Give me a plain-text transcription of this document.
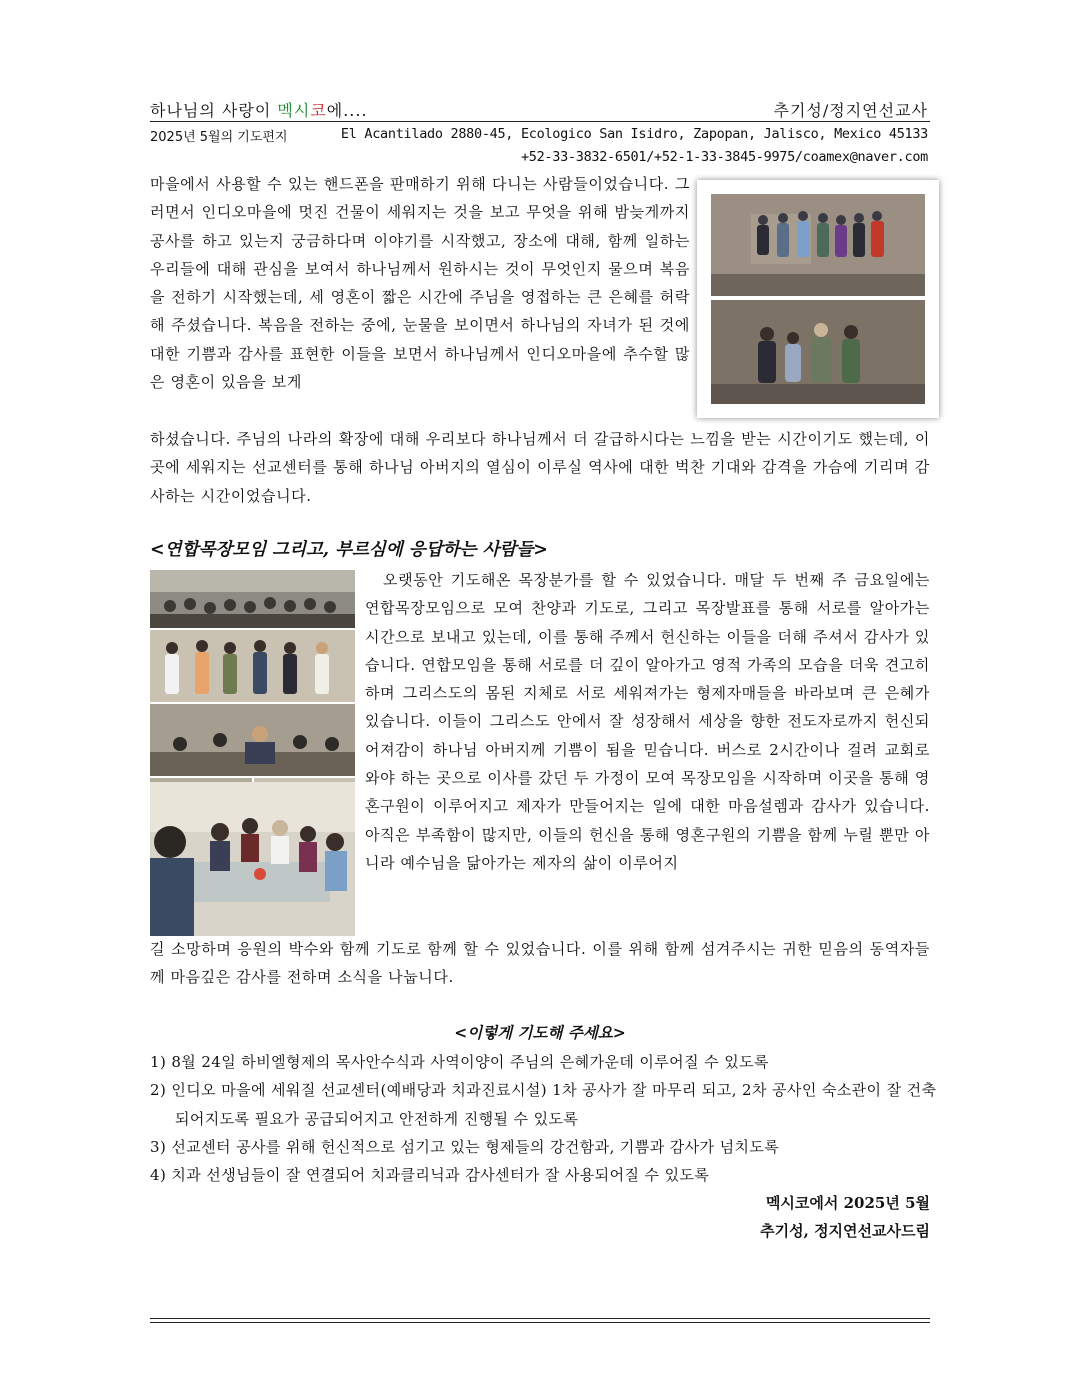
하나님의 사랑이 멕시코에....	추기성/정지연선교사
2025년 5월의 기도편지	El Acantilado 2880-45, Ecologico San Isidro, Zapopan, Jalisco, Mexico 45133
+52-33-3832-6501/+52-1-33-3845-9975/coamex@naver.com

마을에서 사용할 수 있는 핸드폰을 판매하기 위해 다니는 사람들이었습니다. 그러면서 인디오마을에 멋진 건물이 세워지는 것을 보고 무엇을 위해 밤늦게까지 공사를 하고 있는지 궁금하다며 이야기를 시작했고, 장소에 대해, 함께 일하는 우리들에 대해 관심을 보여서 하나님께서 원하시는 것이 무엇인지 물으며 복음을 전하기 시작했는데, 세 영혼이 짧은 시간에 주님을 영접하는 큰 은혜를 허락해 주셨습니다. 복음을 전하는 중에, 눈물을 보이면서 하나님의 자녀가 된 것에 대한 기쁨과 감사를 표현한 이들을 보면서 하나님께서 인디오마을에 추수할 많은 영혼이 있음을 보게

하셨습니다. 주님의 나라의 확장에 대해 우리보다 하나님께서 더 갈급하시다는 느낌을 받는 시간이기도 했는데, 이곳에 세워지는 선교센터를 통해 하나님 아버지의 열심이 이루실 역사에 대한 벅찬 기대와 감격을 가슴에 기리며 감사하는 시간이었습니다.

<연합목장모임 그리고, 부르심에 응답하는 사람들>

오랫동안 기도해온 목장분가를 할 수 있었습니다. 매달 두 번째 주 금요일에는 연합목장모임으로 모여 찬양과 기도로, 그리고 목장발표를 통해 서로를 알아가는 시간으로 보내고 있는데, 이를 통해 주께서 헌신하는 이들을 더해 주셔서 감사가 있습니다. 연합모임을 통해 서로를 더 깊이 알아가고 영적 가족의 모습을 더욱 견고히 하며 그리스도의 몸된 지체로 서로 세워져가는 형제자매들을 바라보며 큰 은혜가 있습니다. 이들이 그리스도 안에서 잘 성장해서 세상을 향한 전도자로까지 헌신되어져감이 하나님 아버지께 기쁨이 됨을 믿습니다. 버스로 2시간이나 걸려 교회로 와야 하는 곳으로 이사를 갔던 두 가정이 모여 목장모임을 시작하며 이곳을 통해 영혼구원이 이루어지고 제자가 만들어지는 일에 대한 마음설렘과 감사가 있습니다. 아직은 부족함이 많지만, 이들의 헌신을 통해 영혼구원의 기쁨을 함께 누릴 뿐만 아니라 예수님을 닮아가는 제자의 삶이 이루어지

길 소망하며 응원의 박수와 함께 기도로 함께 할 수 있었습니다. 이를 위해 함께 섬겨주시는 귀한 믿음의 동역자들께 마음깊은 감사를 전하며 소식을 나눕니다.

<이렇게 기도해 주세요>
1) 8월 24일 하비엘형제의 목사안수식과 사역이양이 주님의 은혜가운데 이루어질 수 있도록
2) 인디오 마을에 세워질 선교센터(예배당과 치과진료시설) 1차 공사가 잘 마무리 되고, 2차 공사인 숙소관이 잘 건축되어지도록 필요가 공급되어지고 안전하게 진행될 수 있도록
3) 선교센터 공사를 위해 헌신적으로 섬기고 있는 형제들의 강건함과, 기쁨과 감사가 넘치도록
4) 치과 선생님들이 잘 연결되어 치과클리닉과 감사센터가 잘 사용되어질 수 있도록
멕시코에서 2025년 5월
추기성, 정지연선교사드림
